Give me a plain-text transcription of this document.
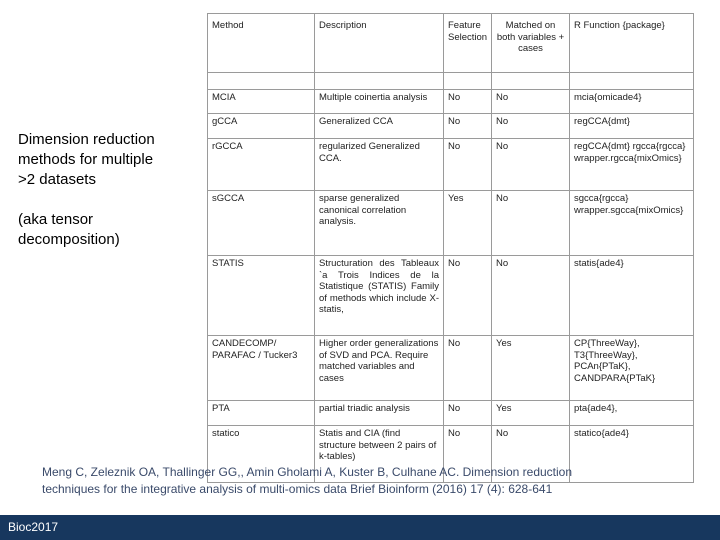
Dimension reduction

methods for multiple

>2 datasets

(aka tensor

decomposition)

Method	Description	Feature Selection	Matched on both variables + cases	R Function {package}

MCIA	Multiple coinertia analysis	No	No	mcia{omicade4}
gCCA	Generalized CCA	No	No	regCCA{dmt}
rGCCA	regularized Generalized CCA.	No	No	regCCA{dmt} rgcca{rgcca} wrapper.rgcca{mixOmics}
sGCCA	sparse generalized canonical correlation analysis.	Yes	No	sgcca{rgcca} wrapper.sgcca{mixOmics}
STATIS	Structuration des Tableaux `a Trois Indices de la Statistique (STATIS) Family of methods which include X-statis,	No	No	statis{ade4}
CANDECOMP/ PARAFAC / Tucker3	Higher order generalizations of SVD and PCA. Require matched variables and cases	No	Yes	CP{ThreeWay}, T3{ThreeWay}, PCAn{PTaK}, CANDPARA{PTaK}
PTA	partial triadic analysis	No	Yes	pta{ade4},
statico	Statis and CIA (find structure between 2 pairs of k-tables)	No	No	statico{ade4}
Meng C, Zeleznik OA, Thallinger GG,, Amin Gholami A, Kuster B, Culhane AC. Dimension reduction
techniques for the integrative analysis of multi-omics data Brief Bioinform (2016) 17 (4): 628-641
Bioc2017
